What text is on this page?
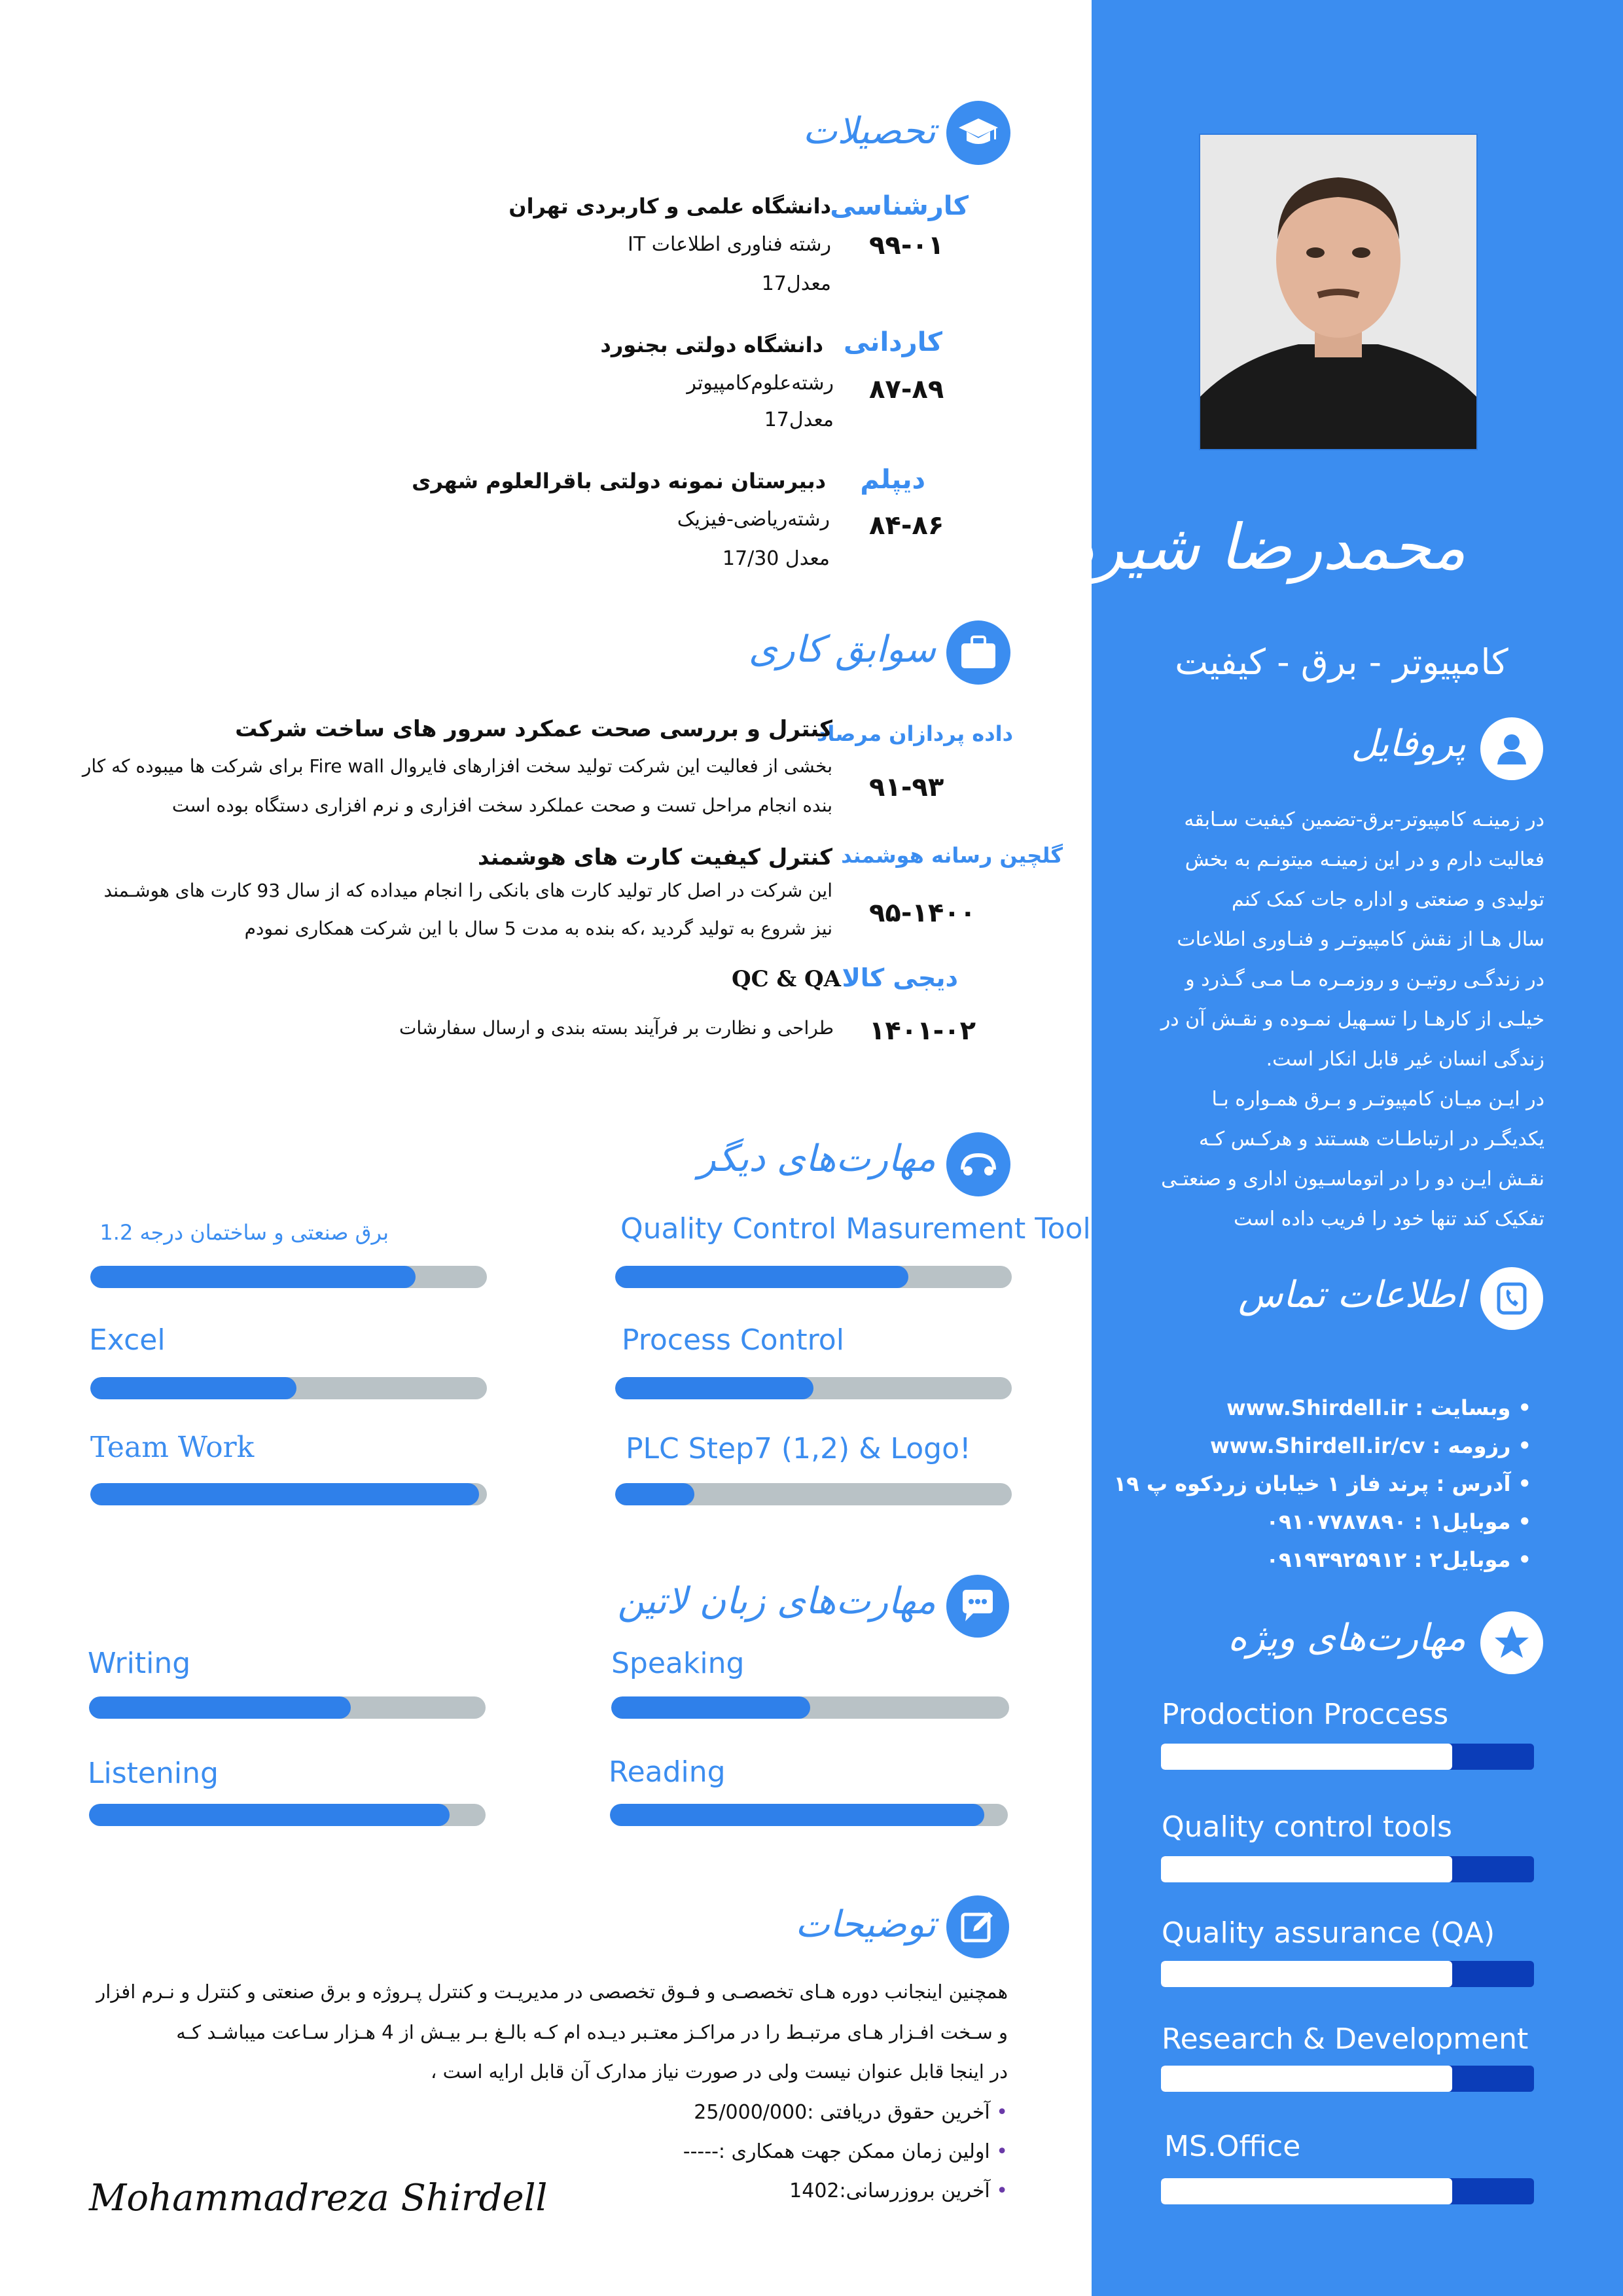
محمدرضا شیردل
کامپیوتر - برق - کیفیت
پروفایل
در زمینـه کامپیوتر-برق-تضمین کیفیت سـابقه
فعالیت دارم و در این زمینـه میتونـم به بخش
تولیدی و صنعتی و اداره جات کمک کنم
سال هـا از نقش کامپیوتـر و فنـاوری اطلاعات
در زندگـی روتیـن و روزمـره مـا مـی گـذرد و
خیلـی از کارهـا را تسـهیل نمـوده و نقـش آن در
زندگی انسان غیر قابل انکار است.
در ایـن میـان کامپیوتـر و بـرق همـواره بـا
یکدیگـر در ارتباطـات هسـتند و هرکـس کـه
نقـش ایـن دو را در اتوماسـیون اداری و صنعتـی
تفکیک کند تنها خود را فریب داده است
اطلاعات تماس
• وبسایت : www.Shirdell.ir
• رزومه : www.Shirdell.ir/cv
• آدرس : پرند فاز ۱ خیابان زردکوه پ ۱۹
• موبایل۱ : ۰۹۱۰۷۷۸۷۸۹۰
• موبایل۲ : ۰۹۱۹۳۹۲۵۹۱۲
مهارت‌های ویژه
Prodoction Proccess
Quality control tools
Quality assurance (QA)
Research & Development
MS.Office
تحصیلات
کارشناسی
۹۹-۰۱
دانشگاه علمی و کاربردی تهران
رشته فناوری اطلاعات IT
معدل17
کاردانی
۸۷-۸۹
دانشگاه دولتی بجنورد
رشته‌علوم‌کامپیوتر
معدل17
دیپلم
۸۴-۸۶
دبیرستان نمونه دولتی باقرالعلوم شهری
رشته‌ریاضی-فیزیک
معدل 17/30
سوابق کاری
داده پردازان مرصاد
۹۱-۹۳
کنترل و بررسی صحت عمکرد سرور های ساخت شرکت
بخشی از فعالیت این شرکت تولید سخت افزارهای فایروال Fire wall برای شرکت ها میبوده که کار
بنده انجام مراحل تست و صحت عملکرد سخت افزاری و نرم افزاری دستگاه بوده است
گلچین رسانه هوشمند
۹۵-۱۴۰۰
کنترل کیفیت کارت های هوشمند
این شرکت در اصل کار تولید کارت های بانکی را انجام میداده که از سال 93 کارت های هوشـمند
نیز شروع به تولید گردید ،که بنده به مدت 5 سال با این شرکت همکاری نمودم
دیجی کالا
۱۴۰۱-۰۲
QC & QA
طراحی و نظارت بر فرآیند بسته بندی و ارسال سفارشات
مهارت‌های دیگر
برق صنعتی و ساختمان درجه 1.2	Quality Control Masurement Tool
Excel	Process Control
Team Work	PLC Step7 (1,2) & Logo!
مهارت‌های زبان لاتین
Writing	Speaking
Listening	Reading
توضیحات
همچنین اینجانب دوره هـای تخصصـی و فـوق تخصصی در مدیریـت و کنترل پـروژه و برق صنعتی و کنترل و نـرم افزار
و سـخت افـزار هـای مرتبـط را در مراکـز معتـبر دیـده ام کـه بالـغ بـر بیـش از 4 هـزار سـاعت میباشـد کـه
در اینجا قابل عنوان نیست ولی در صورت نیاز مدارک آن قابل ارایه است ،
• آخرین حقوق دریافتی :25/000/000
• اولین زمان ممکن جهت همکاری :-----
• آخرین بروزرسانی:1402
Mohammadreza Shirdell
